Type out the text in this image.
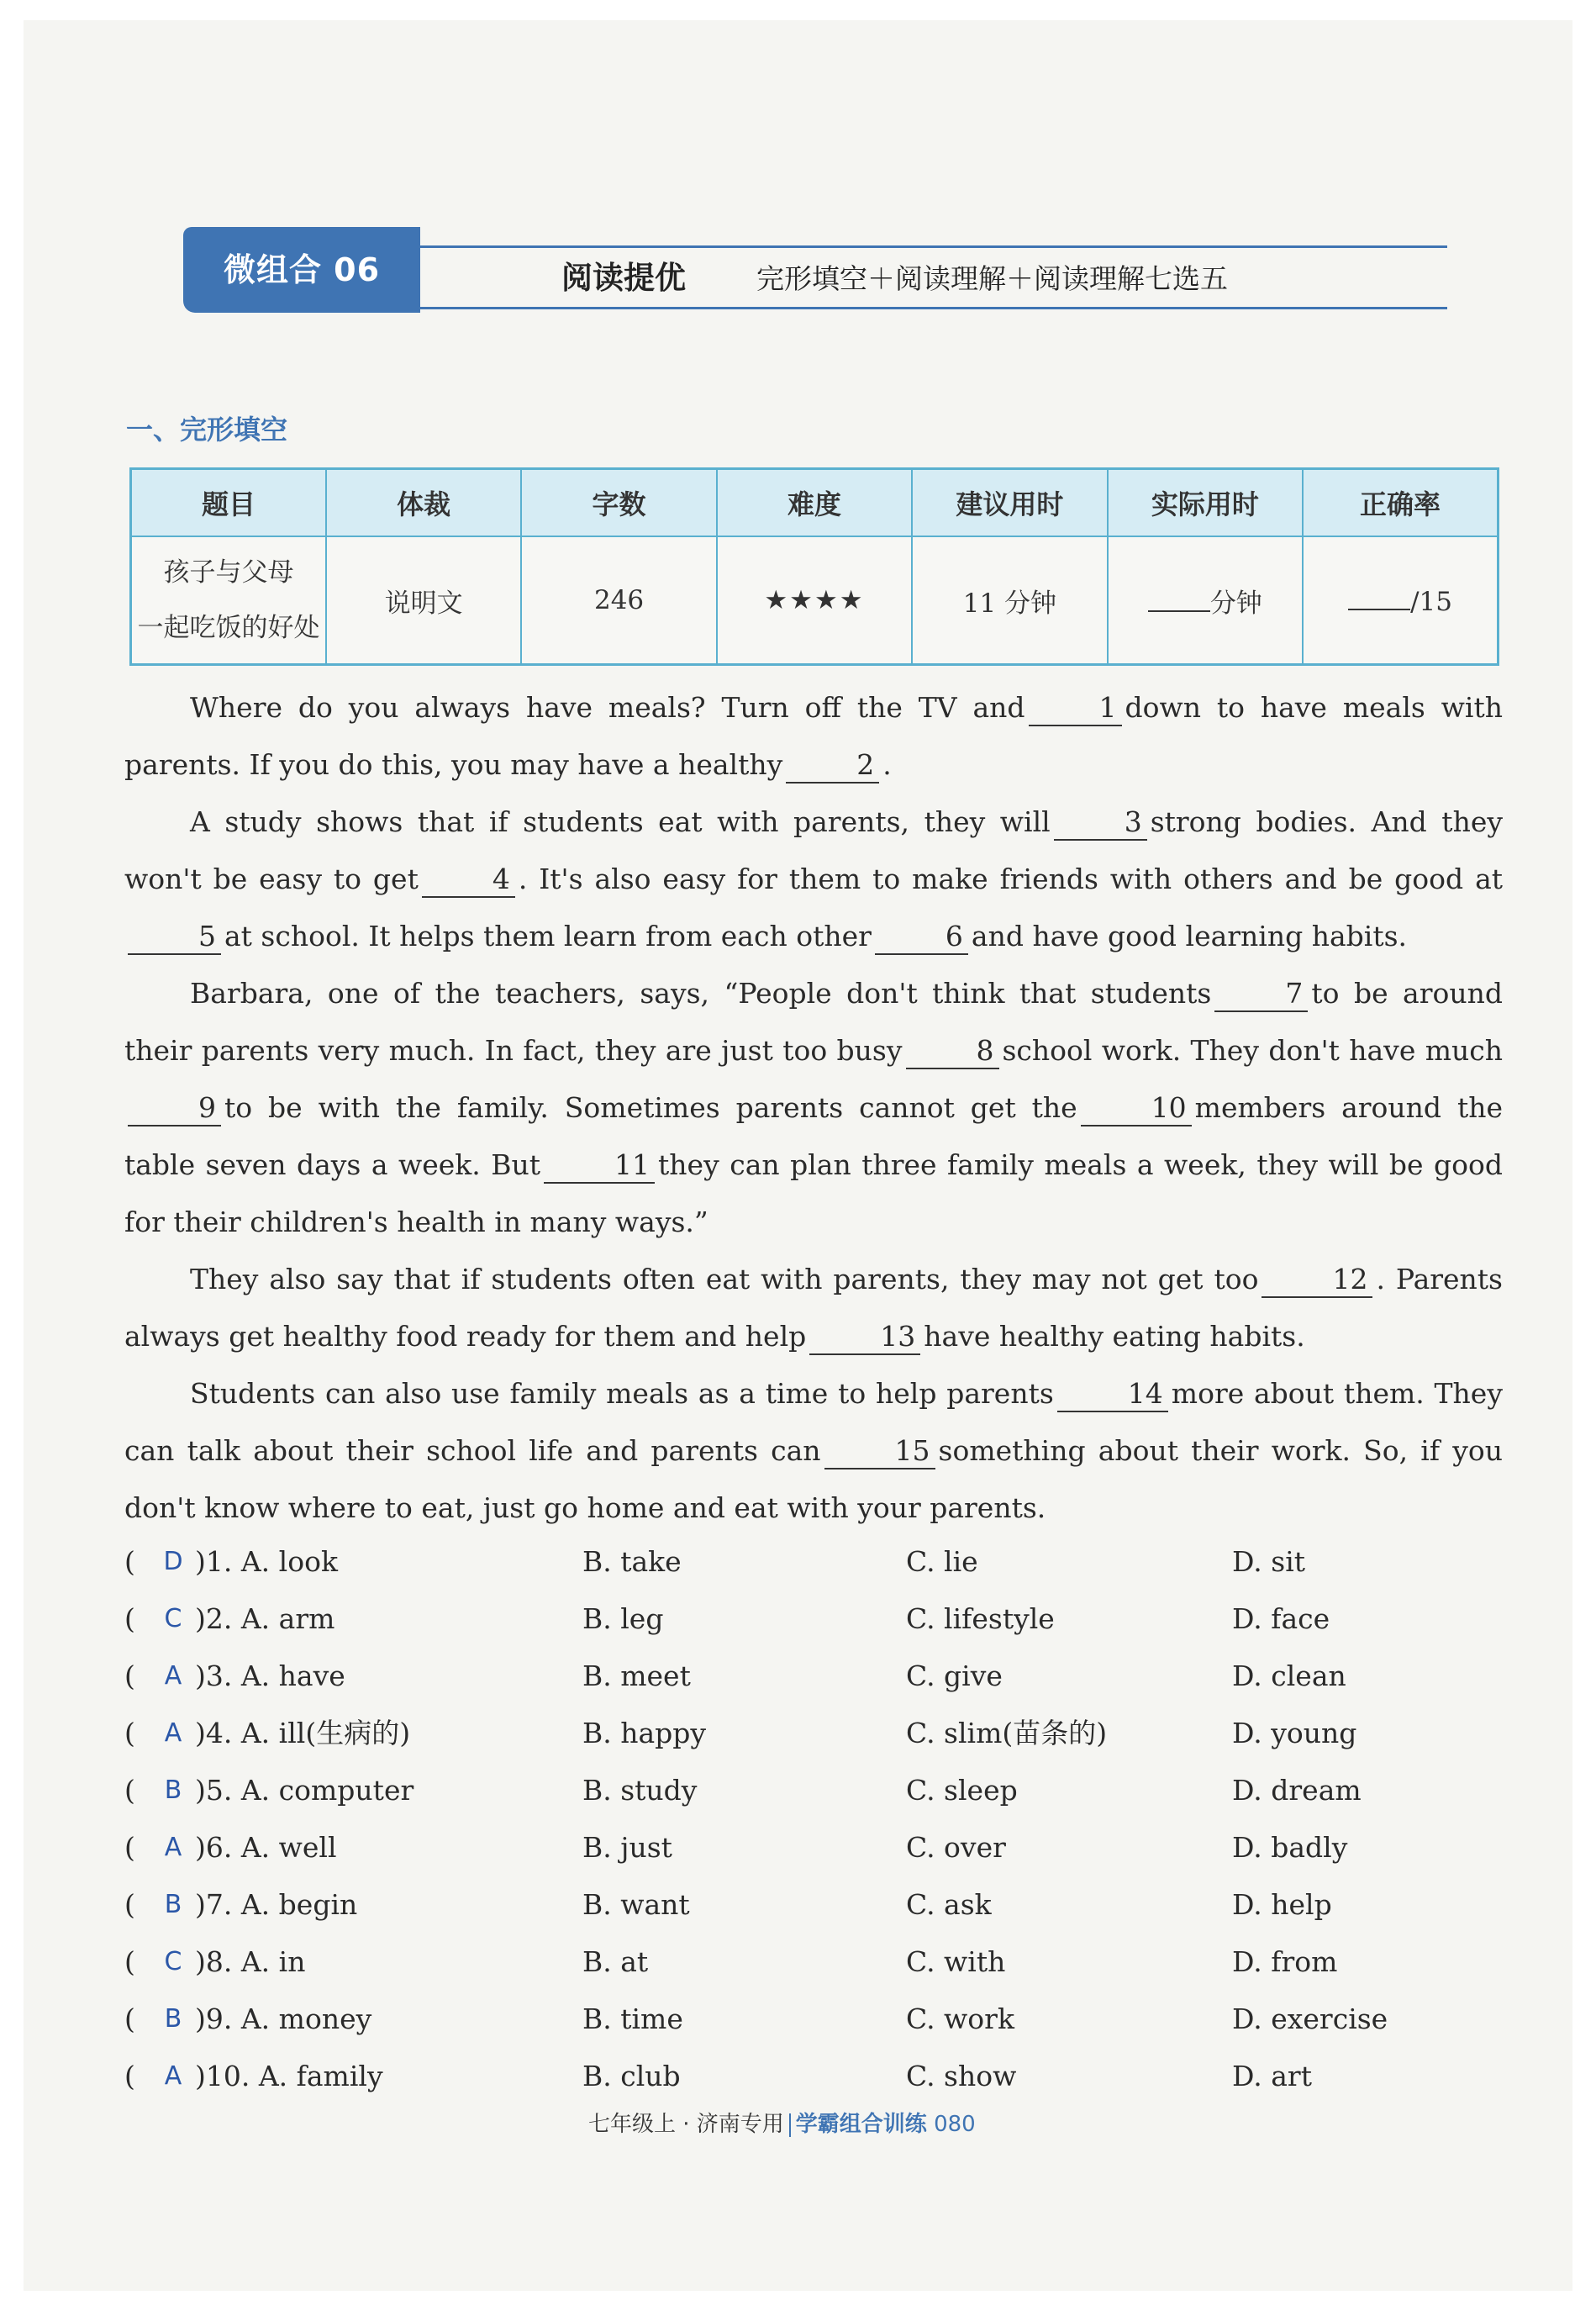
微组合 06	阅读提优	完形填空＋阅读理解＋阅读理解七选五
一、完形填空
题目	体裁	字数	难度	建议用时	实际用时	正确率

孩子与父母
一起吃饭的好处	说明文	246	★★★★	11 分钟	分钟	/15

Where do you always have meals? Turn off the TV and	1 down to have meals with parents. If you do this, you may have a healthy	2 .

A study shows that if students eat with parents, they will	3 strong bodies. And they won't be easy to get	4 . It's also easy for them to make friends with others and be good at5 at school. It helps them learn from each other	6 and have good learning habits.

Barbara, one of the teachers, says, “People don't think that students	7 to be around their parents very much. In fact, they are just too busy	8 school work. They don't have much9 to be with the family. Sometimes parents cannot get the	10 members around the table seven days a week. But	11 they can plan three family meals a week, they will be good for their children's health in many ways.”

They also say that if students often eat with parents, they may not get too	12 . Parents always get healthy food ready for them and help	13 have healthy eating habits.

Students can also use family meals as a time to help parents	14 more about them. They can talk about their school life and parents can	15 something about their work. So, if you don't know where to eat, just go home and eat with your parents.

( D )1. A. look	B. take	C. lie	D. sit
( C )2. A. arm	B. leg	C. lifestyle	D. face
( A )3. A. have	B. meet	C. give	D. clean
( A )4. A. ill(生病的)	B. happy	C. slim(苗条的)	D. young
( B )5. A. computer	B. study	C. sleep	D. dream
( A )6. A. well	B. just	C. over	D. badly
( B )7. A. begin	B. want	C. ask	D. help
( C )8. A. in	B. at	C. with	D. from
( B )9. A. money	B. time	C. work	D. exercise
( A )10. A. family	B. club	C. show	D. art
七年级上 · 济南专用 学霸组合训练 080
